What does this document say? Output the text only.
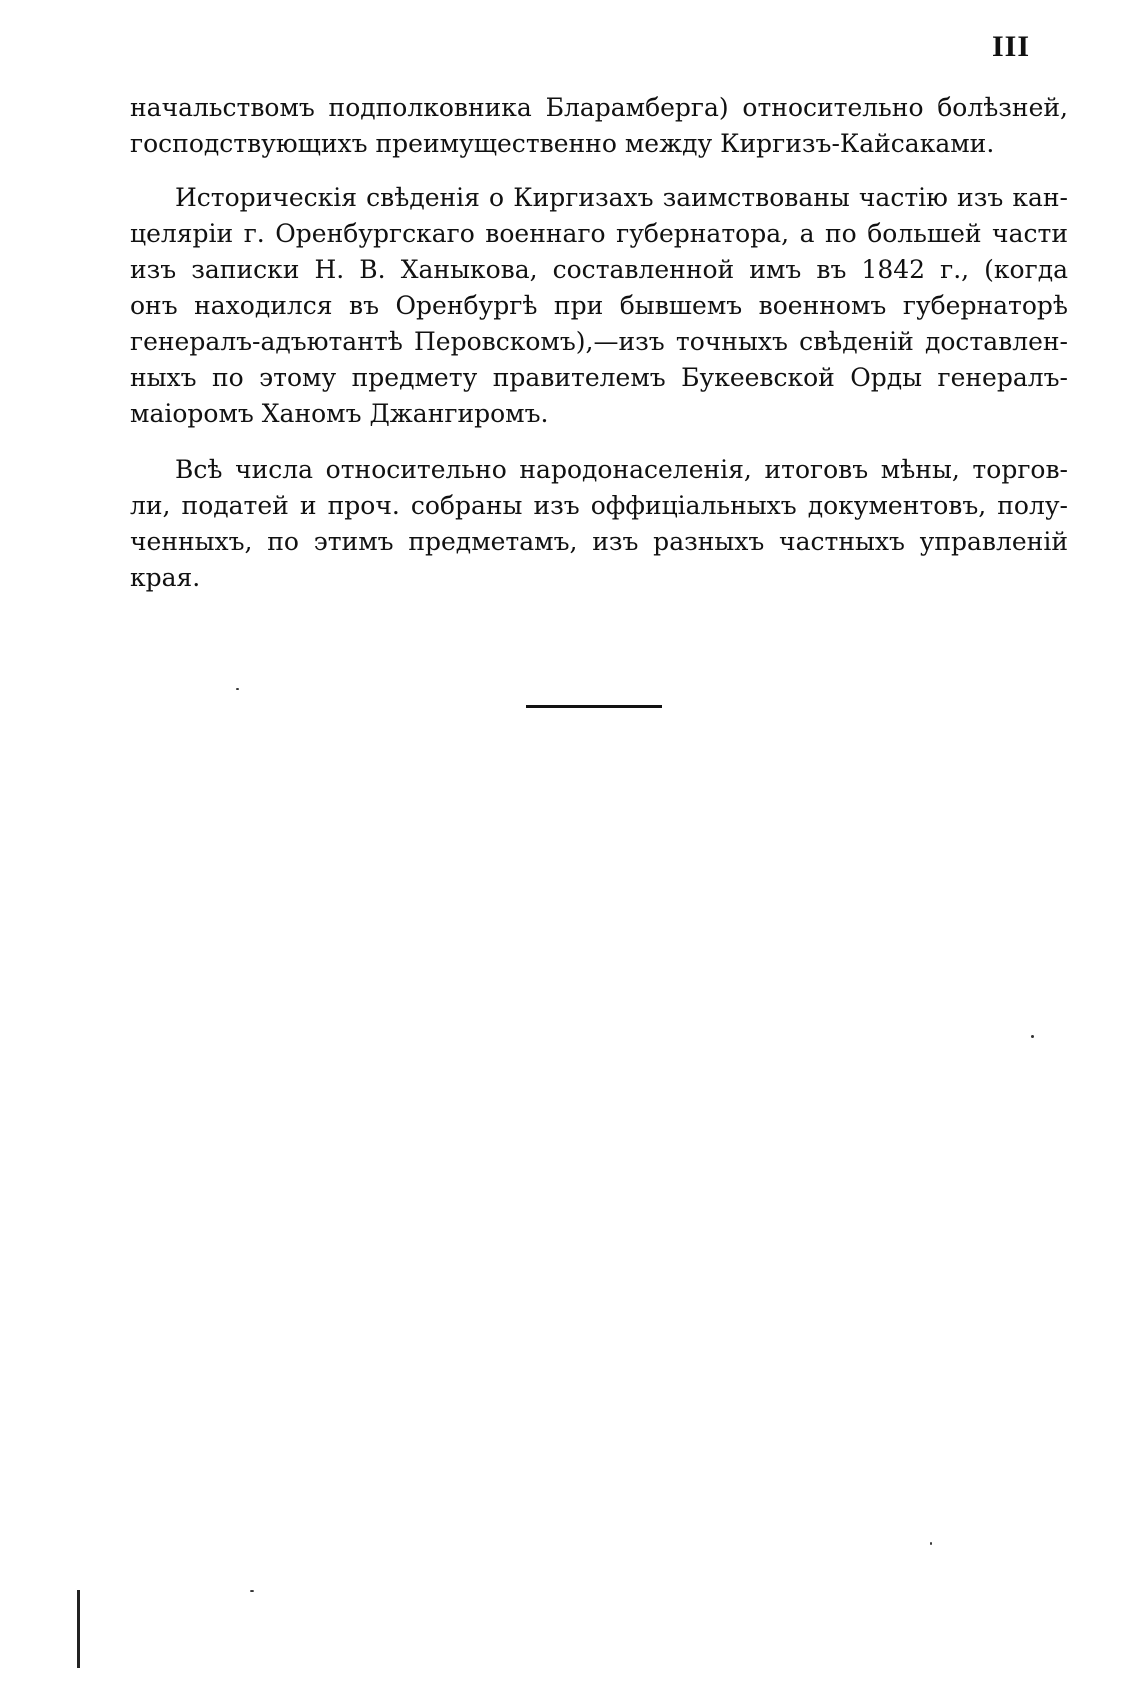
III

начальствомъ подполковника Бларамберга) относительно болѣзней,
господствующихъ преимущественно между Киргизъ-Кайсаками.

Историческія свѣденія о Киргизахъ заимствованы частію изъ кан-
целяріи г. Оренбургскаго военнаго губернатора, а по большей части
изъ записки Н. В. Ханыкова, составленной имъ въ 1842 г., (когда
онъ находился въ Оренбургѣ при бывшемъ военномъ губернаторѣ
генералъ-адъютантѣ Перовскомъ),—изъ точныхъ свѣденій доставлен-
ныхъ по этому предмету правителемъ Букеевской Орды генералъ-
маіоромъ Ханомъ Джангиромъ.

Всѣ числа относительно народонаселенія, итоговъ мѣны, торгов-
ли, податей и проч. собраны изъ оффиціальныхъ документовъ, полу-
ченныхъ, по этимъ предметамъ, изъ разныхъ частныхъ управленій
края.
